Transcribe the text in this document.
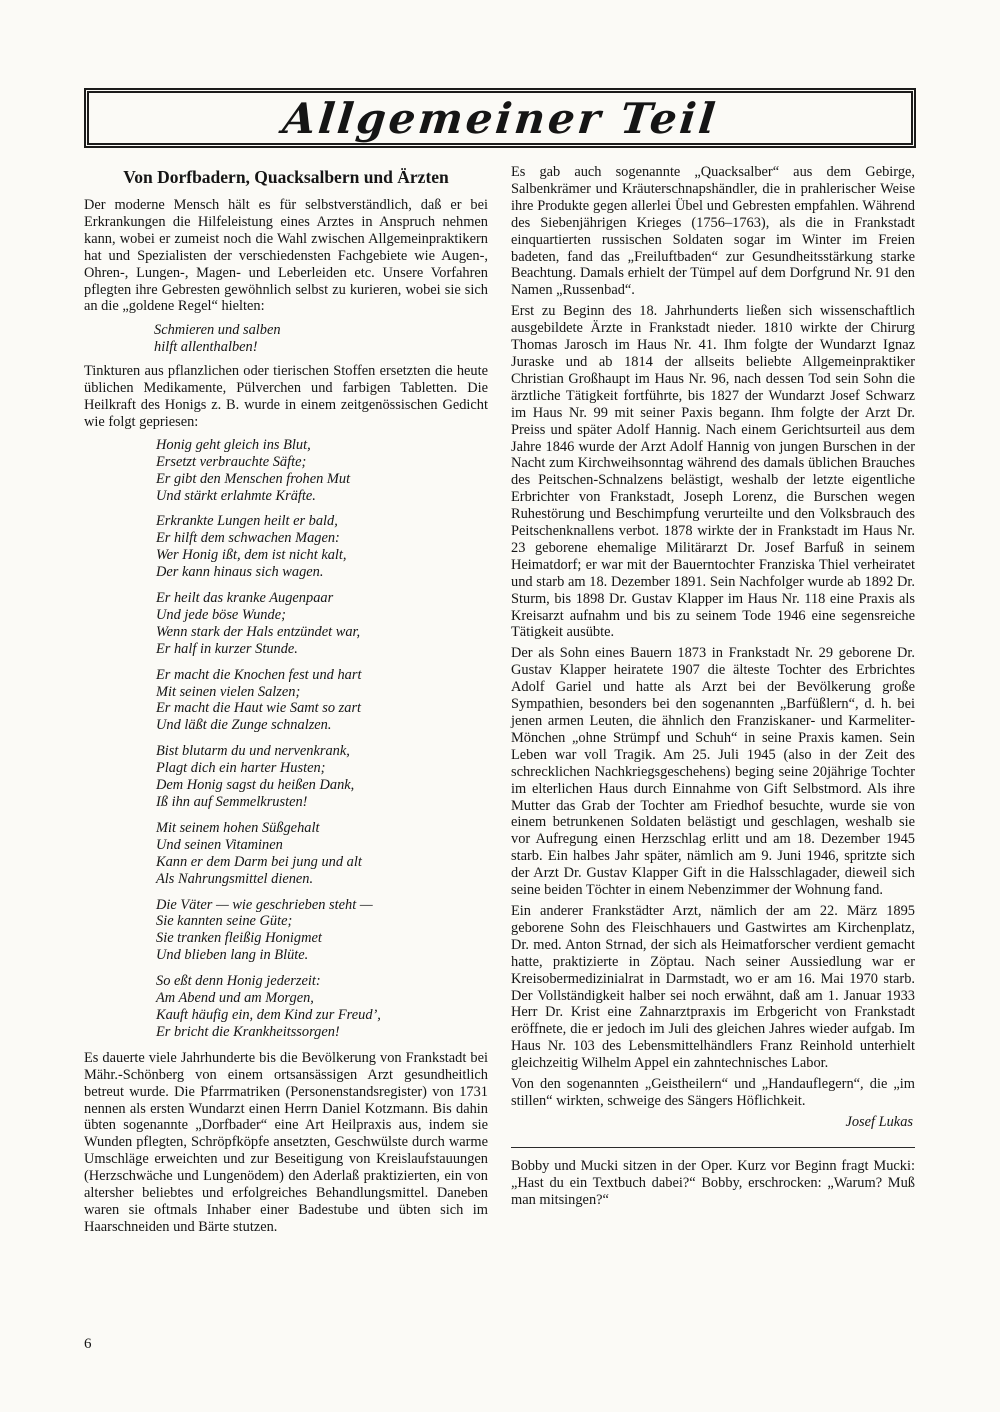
Allgemeiner Teil
Von Dorfbadern, Quacksalbern und Ärzten

Der moderne Mensch hält es für selbstverständlich, daß er bei Erkrankungen die Hilfeleistung eines Arztes in Anspruch nehmen kann, wobei er zumeist noch die Wahl zwischen Allgemeinpraktikern hat und Spezialisten der verschiedensten Fachgebiete wie Augen-, Ohren-, Lungen-, Magen- und Leberleiden etc. Unsere Vorfahren pflegten ihre Gebresten gewöhnlich selbst zu kurieren, wobei sie sich an die „goldene Regel“ hielten:

Schmieren und salben
hilft allenthalben!

Tinkturen aus pflanzlichen oder tierischen Stoffen ersetzten die heute üblichen Medikamente, Pülverchen und farbigen Tabletten. Die Heilkraft des Honigs z. B. wurde in einem zeitgenössischen Gedicht wie folgt gepriesen:

Honig geht gleich ins Blut,
Ersetzt verbrauchte Säfte;
Er gibt den Menschen frohen Mut
Und stärkt erlahmte Kräfte.
Erkrankte Lungen heilt er bald,
Er hilft dem schwachen Magen:
Wer Honig ißt, dem ist nicht kalt,
Der kann hinaus sich wagen.
Er heilt das kranke Augenpaar
Und jede böse Wunde;
Wenn stark der Hals entzündet war,
Er half in kurzer Stunde.
Er macht die Knochen fest und hart
Mit seinen vielen Salzen;
Er macht die Haut wie Samt so zart
Und läßt die Zunge schnalzen.
Bist blutarm du und nervenkrank,
Plagt dich ein harter Husten;
Dem Honig sagst du heißen Dank,
Iß ihn auf Semmelkrusten!
Mit seinem hohen Süßgehalt
Und seinen Vitaminen
Kann er dem Darm bei jung und alt
Als Nahrungsmittel dienen.
Die Väter — wie geschrieben steht —
Sie kannten seine Güte;
Sie tranken fleißig Honigmet
Und blieben lang in Blüte.
So eßt denn Honig jederzeit:
Am Abend und am Morgen,
Kauft häufig ein, dem Kind zur Freud’,
Er bricht die Krankheitssorgen!

Es dauerte viele Jahrhunderte bis die Bevölkerung von Frankstadt bei Mähr.-Schönberg von einem ortsansässigen Arzt gesundheitlich betreut wurde. Die Pfarrmatriken (Personenstandsregister) von 1731 nennen als ersten Wundarzt einen Herrn Daniel Kotzmann. Bis dahin übten sogenannte „Dorfbader“ eine Art Heilpraxis aus, indem sie Wunden pflegten, Schröpfköpfe ansetzten, Geschwülste durch warme Umschläge erweichten und zur Beseitigung von Kreislaufstauungen (Herzschwäche und Lungenödem) den Aderlaß praktizierten, ein von altersher beliebtes und erfolgreiches Behandlungsmittel. Daneben waren sie oftmals Inhaber einer Badestube und übten sich im Haarschneiden und Bärte stutzen.

Es gab auch sogenannte „Quacksalber“ aus dem Gebirge, Salbenkrämer und Kräuterschnapshändler, die in prahlerischer Weise ihre Produkte gegen allerlei Übel und Gebresten empfahlen. Während des Siebenjährigen Krieges (1756–1763), als die in Frankstadt einquartierten russischen Soldaten sogar im Winter im Freien badeten, fand das „Freiluftbaden“ zur Gesundheitsstärkung starke Beachtung. Damals erhielt der Tümpel auf dem Dorfgrund Nr. 91 den Namen „Russenbad“.

Erst zu Beginn des 18. Jahrhunderts ließen sich wissenschaftlich ausgebildete Ärzte in Frankstadt nieder. 1810 wirkte der Chirurg Thomas Jarosch im Haus Nr. 41. Ihm folgte der Wundarzt Ignaz Juraske und ab 1814 der allseits beliebte Allgemeinpraktiker Christian Großhaupt im Haus Nr. 96, nach dessen Tod sein Sohn die ärztliche Tätigkeit fortführte, bis 1827 der Wundarzt Josef Schwarz im Haus Nr. 99 mit seiner Paxis begann. Ihm folgte der Arzt Dr. Preiss und später Adolf Hannig. Nach einem Gerichtsurteil aus dem Jahre 1846 wurde der Arzt Adolf Hannig von jungen Burschen in der Nacht zum Kirchweihsonntag während des damals üblichen Brauches des Peitschen-Schnalzens belästigt, weshalb der letzte eigentliche Erbrichter von Frankstadt, Joseph Lorenz, die Burschen wegen Ruhestörung und Beschimpfung verurteilte und den Volksbrauch des Peitschenknallens verbot. 1878 wirkte der in Frankstadt im Haus Nr. 23 geborene ehemalige Militärarzt Dr. Josef Barfuß in seinem Heimatdorf; er war mit der Bauerntochter Franziska Thiel verheiratet und starb am 18. Dezember 1891. Sein Nachfolger wurde ab 1892 Dr. Sturm, bis 1898 Dr. Gustav Klapper im Haus Nr. 118 eine Praxis als Kreisarzt aufnahm und bis zu seinem Tode 1946 eine segensreiche Tätigkeit ausübte.

Der als Sohn eines Bauern 1873 in Frankstadt Nr. 29 geborene Dr. Gustav Klapper heiratete 1907 die älteste Tochter des Erbrichtes Adolf Gariel und hatte als Arzt bei der Bevölkerung große Sympathien, besonders bei den sogenannten „Barfüßlern“, d. h. bei jenen armen Leuten, die ähnlich den Franziskaner- und Karmeliter-Mönchen „ohne Strümpf und Schuh“ in seine Praxis kamen. Sein Leben war voll Tragik. Am 25. Juli 1945 (also in der Zeit des schrecklichen Nachkriegsgeschehens) beging seine 20jährige Tochter im elterlichen Haus durch Einnahme von Gift Selbstmord. Als ihre Mutter das Grab der Tochter am Friedhof besuchte, wurde sie von einem betrunkenen Soldaten belästigt und geschlagen, weshalb sie vor Aufregung einen Herzschlag erlitt und am 18. Dezember 1945 starb. Ein halbes Jahr später, nämlich am 9. Juni 1946, spritzte sich der Arzt Dr. Gustav Klapper Gift in die Halsschlagader, dieweil sich seine beiden Töchter in einem Nebenzimmer der Wohnung fand.

Ein anderer Frankstädter Arzt, nämlich der am 22. März 1895 geborene Sohn des Fleischhauers und Gastwirtes am Kirchenplatz, Dr. med. Anton Strnad, der sich als Heimatforscher verdient gemacht hatte, praktizierte in Zöptau. Nach seiner Aussiedlung war er Kreisobermedizinialrat in Darmstadt, wo er am 16. Mai 1970 starb. Der Vollständigkeit halber sei noch erwähnt, daß am 1. Januar 1933 Herr Dr. Krist eine Zahnarztpraxis im Erbgericht von Frankstadt eröffnete, die er jedoch im Juli des gleichen Jahres wieder aufgab. Im Haus Nr. 103 des Lebensmittelhändlers Franz Reinhold unterhielt gleichzeitig Wilhelm Appel ein zahntechnisches Labor.

Von den sogenannten „Geistheilern“ und „Handauflegern“, die „im stillen“ wirkten, schweige des Sängers Höflichkeit.

Josef Lukas

Bobby und Mucki sitzen in der Oper. Kurz vor Beginn fragt Mucki: „Hast du ein Textbuch dabei?“ Bobby, erschrocken: „Warum? Muß man mitsingen?“

6
